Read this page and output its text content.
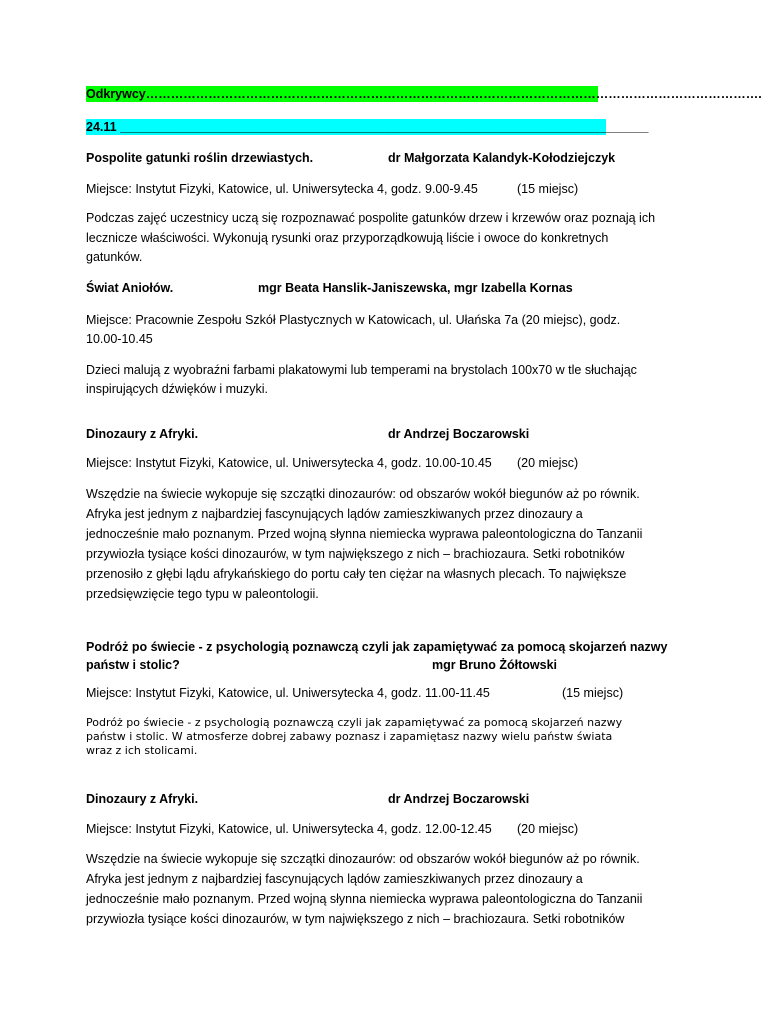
Odkrywcy………………………………………………………………………………………………………………………………….
24.11 ____________________________________________________________________________
Pospolite gatunki roślin drzewiastych.	dr Małgorzata Kalandyk-Kołodziejczyk
Miejsce: Instytut Fizyki, Katowice, ul. Uniwersytecka 4, godz. 9.00-9.45	(15 miejsc)
Podczas zajęć uczestnicy uczą się rozpoznawać pospolite gatunków drzew i krzewów oraz poznają ich
lecznicze właściwości. Wykonują rysunki oraz przyporządkowują liście i owoce do konkretnych
gatunków.
Świat Aniołów.	mgr Beata Hanslik-Janiszewska, mgr Izabella Kornas
Miejsce: Pracownie Zespołu Szkół Plastycznych w Katowicach, ul. Ułańska 7a (20 miejsc), godz.
10.00-10.45
Dzieci malują z wyobraźni farbami plakatowymi lub temperami na brystolach 100x70 w tle słuchając
inspirujących dźwięków i muzyki.
Dinozaury z Afryki.	dr Andrzej Boczarowski
Miejsce: Instytut Fizyki, Katowice, ul. Uniwersytecka 4, godz. 10.00-10.45 (20 miejsc)
Wszędzie na świecie wykopuje się szczątki dinozaurów: od obszarów wokół biegunów aż po równik.
Afryka jest jednym z najbardziej fascynujących lądów zamieszkiwanych przez dinozaury a
jednocześnie mało poznanym. Przed wojną słynna niemiecka wyprawa paleontologiczna do Tanzanii
przywiozła tysiące kości dinozaurów, w tym największego z nich – brachiozaura. Setki robotników
przenosiło z głębi lądu afrykańskiego do portu cały ten ciężar na własnych plecach. To największe
przedsięwzięcie tego typu w paleontologii.
Podróż po świecie - z psychologią poznawczą czyli jak zapamiętywać za pomocą skojarzeń nazwy
państw i stolic?	mgr Bruno Żółtowski
Miejsce: Instytut Fizyki, Katowice, ul. Uniwersytecka 4, godz. 11.00-11.45	(15 miejsc)
Podróż po świecie - z psychologią poznawczą czyli jak zapamiętywać za pomocą skojarzeń nazwy
państw i stolic. W atmosferze dobrej zabawy poznasz i zapamiętasz nazwy wielu państw świata
wraz z ich stolicami.
Dinozaury z Afryki.	dr Andrzej Boczarowski
Miejsce: Instytut Fizyki, Katowice, ul. Uniwersytecka 4, godz. 12.00-12.45 (20 miejsc)
Wszędzie na świecie wykopuje się szczątki dinozaurów: od obszarów wokół biegunów aż po równik.
Afryka jest jednym z najbardziej fascynujących lądów zamieszkiwanych przez dinozaury a
jednocześnie mało poznanym. Przed wojną słynna niemiecka wyprawa paleontologiczna do Tanzanii
przywiozła tysiące kości dinozaurów, w tym największego z nich – brachiozaura. Setki robotników
